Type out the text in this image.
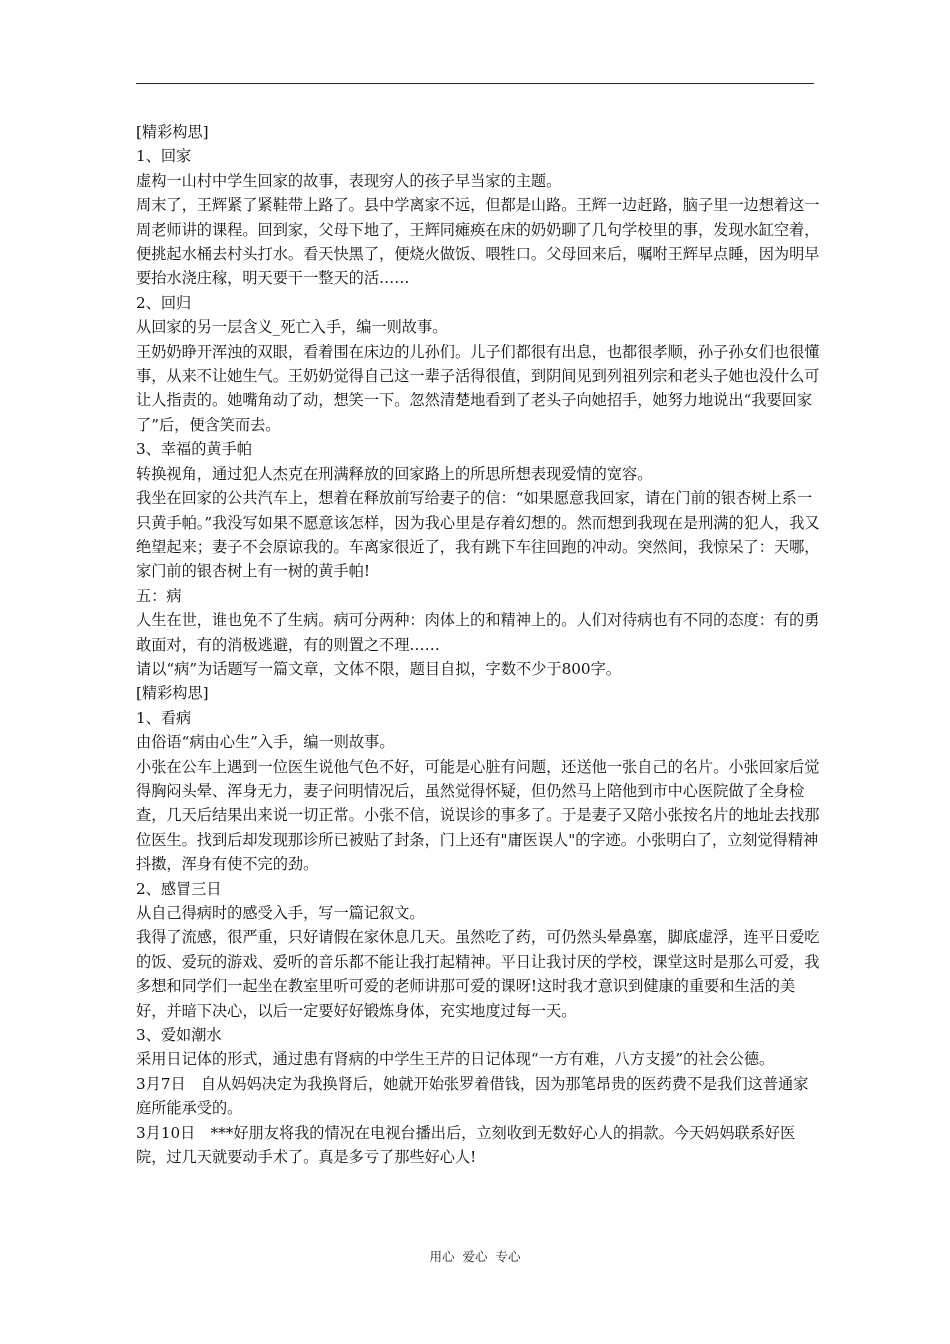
[精彩构思]

1、回家

虚构一山村中学生回家的故事，表现穷人的孩子早当家的主题。

周末了，王辉紧了紧鞋带上路了。县中学离家不远，但都是山路。王辉一边赶路，脑子里一边想着这一周老师讲的课程。回到家，父母下地了，王辉同瘫痪在床的奶奶聊了几句学校里的事，发现水缸空着，便挑起水桶去村头打水。看天快黑了，便烧火做饭、喂牲口。父母回来后，嘱咐王辉早点睡，因为明早要抬水浇庄稼，明天要干一整天的活……

2、回归

从回家的另一层含义_死亡入手，编一则故事。

王奶奶睁开浑浊的双眼，看着围在床边的儿孙们。儿子们都很有出息，也都很孝顺，孙子孙女们也很懂事，从来不让她生气。王奶奶觉得自己这一辈子活得很值，到阴间见到列祖列宗和老头子她也没什么可让人指责的。她嘴角动了动，想笑一下。忽然清楚地看到了老头子向她招手，她努力地说出“我要回家了”后，便含笑而去。

3、幸福的黄手帕

转换视角，通过犯人杰克在刑满释放的回家路上的所思所想表现爱情的宽容。

我坐在回家的公共汽车上，想着在释放前写给妻子的信：“如果愿意我回家，请在门前的银杏树上系一只黄手帕。”我没写如果不愿意该怎样，因为我心里是存着幻想的。然而想到我现在是刑满的犯人，我又绝望起来；妻子不会原谅我的。车离家很近了，我有跳下车往回跑的冲动。突然间，我惊呆了：天哪，家门前的银杏树上有一树的黄手帕!

五：病

人生在世，谁也免不了生病。病可分两种：肉体上的和精神上的。人们对待病也有不同的态度：有的勇敢面对，有的消极逃避，有的则置之不理……

请以“病”为话题写一篇文章，文体不限，题目自拟，字数不少于800字。

[精彩构思]

1、看病

由俗语“病由心生”入手，编一则故事。

小张在公车上遇到一位医生说他气色不好，可能是心脏有问题，还送他一张自己的名片。小张回家后觉得胸闷头晕、浑身无力，妻子问明情况后，虽然觉得怀疑，但仍然马上陪他到市中心医院做了全身检查，几天后结果出来说一切正常。小张不信，说误诊的事多了。于是妻子又陪小张按名片的地址去找那位医生。找到后却发现那诊所已被贴了封条，门上还有"庸医误人"的字迹。小张明白了，立刻觉得精神抖擞，浑身有使不完的劲。

2、感冒三日

从自己得病时的感受入手，写一篇记叙文。

我得了流感，很严重，只好请假在家休息几天。虽然吃了药，可仍然头晕鼻塞，脚底虚浮，连平日爱吃的饭、爱玩的游戏、爱听的音乐都不能让我打起精神。平日让我讨厌的学校，课堂这时是那么可爱，我多想和同学们一起坐在教室里听可爱的老师讲那可爱的课呀!这时我才意识到健康的重要和生活的美好，并暗下决心，以后一定要好好锻炼身体，充实地度过每一天。

3、爱如潮水

采用日记体的形式，通过患有肾病的中学生王芹的日记体现“一方有难，八方支援”的社会公德。

3月7日　自从妈妈决定为我换肾后，她就开始张罗着借钱，因为那笔昂贵的医药费不是我们这普通家庭所能承受的。

3月10日　***好朋友将我的情况在电视台播出后，立刻收到无数好心人的捐款。今天妈妈联系好医院，过几天就要动手术了。真是多亏了那些好心人!

用心  爱心  专心
